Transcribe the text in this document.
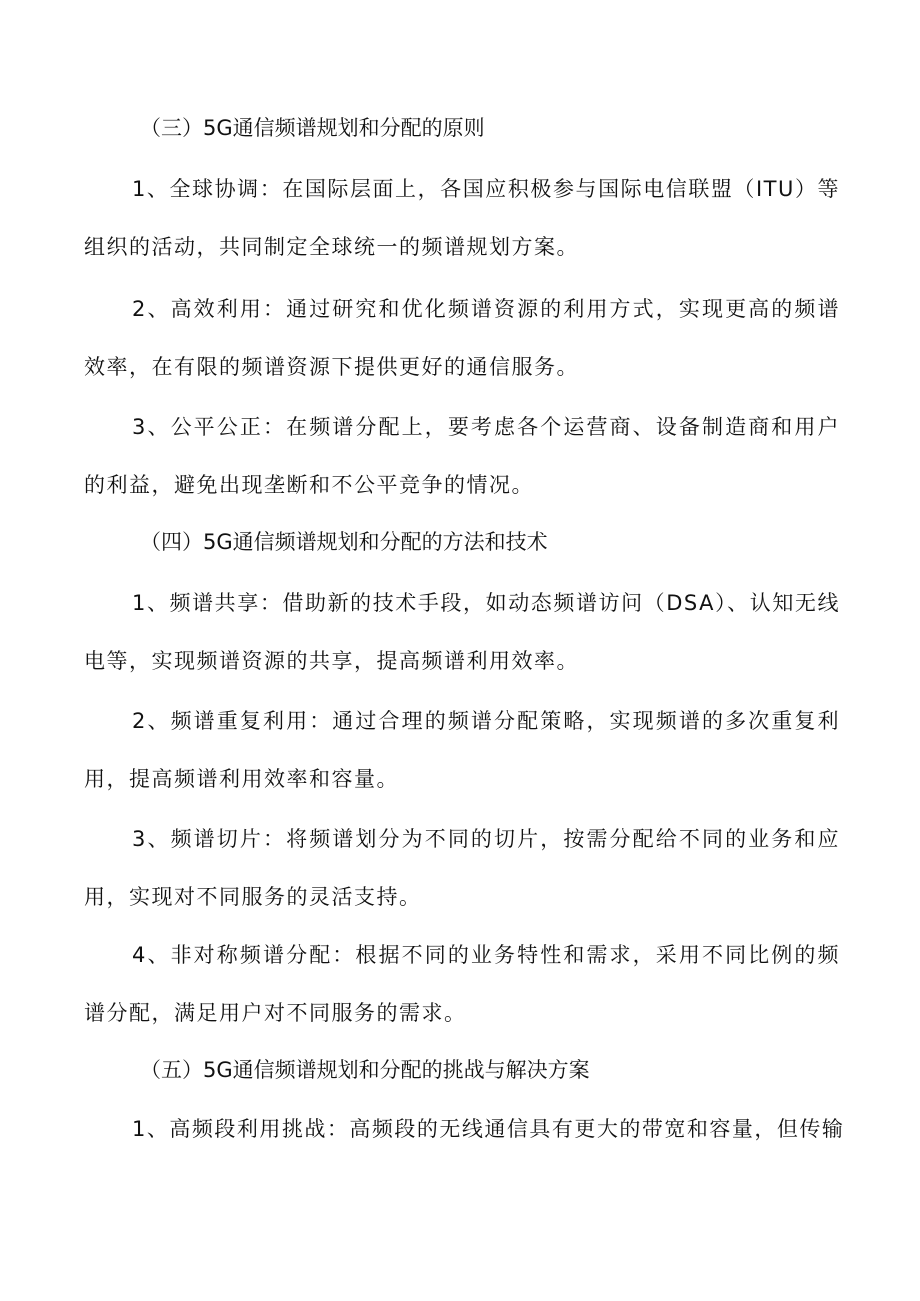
（三）5G通信频谱规划和分配的原则
1、全球协调：在国际层面上，各国应积极参与国际电信联盟（ITU）等组织的活动，共同制定全球统一的频谱规划方案。
2、高效利用：通过研究和优化频谱资源的利用方式，实现更高的频谱效率，在有限的频谱资源下提供更好的通信服务。
3、公平公正：在频谱分配上，要考虑各个运营商、设备制造商和用户的利益，避免出现垄断和不公平竞争的情况。
（四）5G通信频谱规划和分配的方法和技术
1、频谱共享：借助新的技术手段，如动态频谱访问（DSA）、认知无线电等，实现频谱资源的共享，提高频谱利用效率。
2、频谱重复利用：通过合理的频谱分配策略，实现频谱的多次重复利用，提高频谱利用效率和容量。
3、频谱切片：将频谱划分为不同的切片，按需分配给不同的业务和应用，实现对不同服务的灵活支持。
4、非对称频谱分配：根据不同的业务特性和需求，采用不同比例的频谱分配，满足用户对不同服务的需求。
（五）5G通信频谱规划和分配的挑战与解决方案
1、高频段利用挑战：高频段的无线通信具有更大的带宽和容量，但传输
